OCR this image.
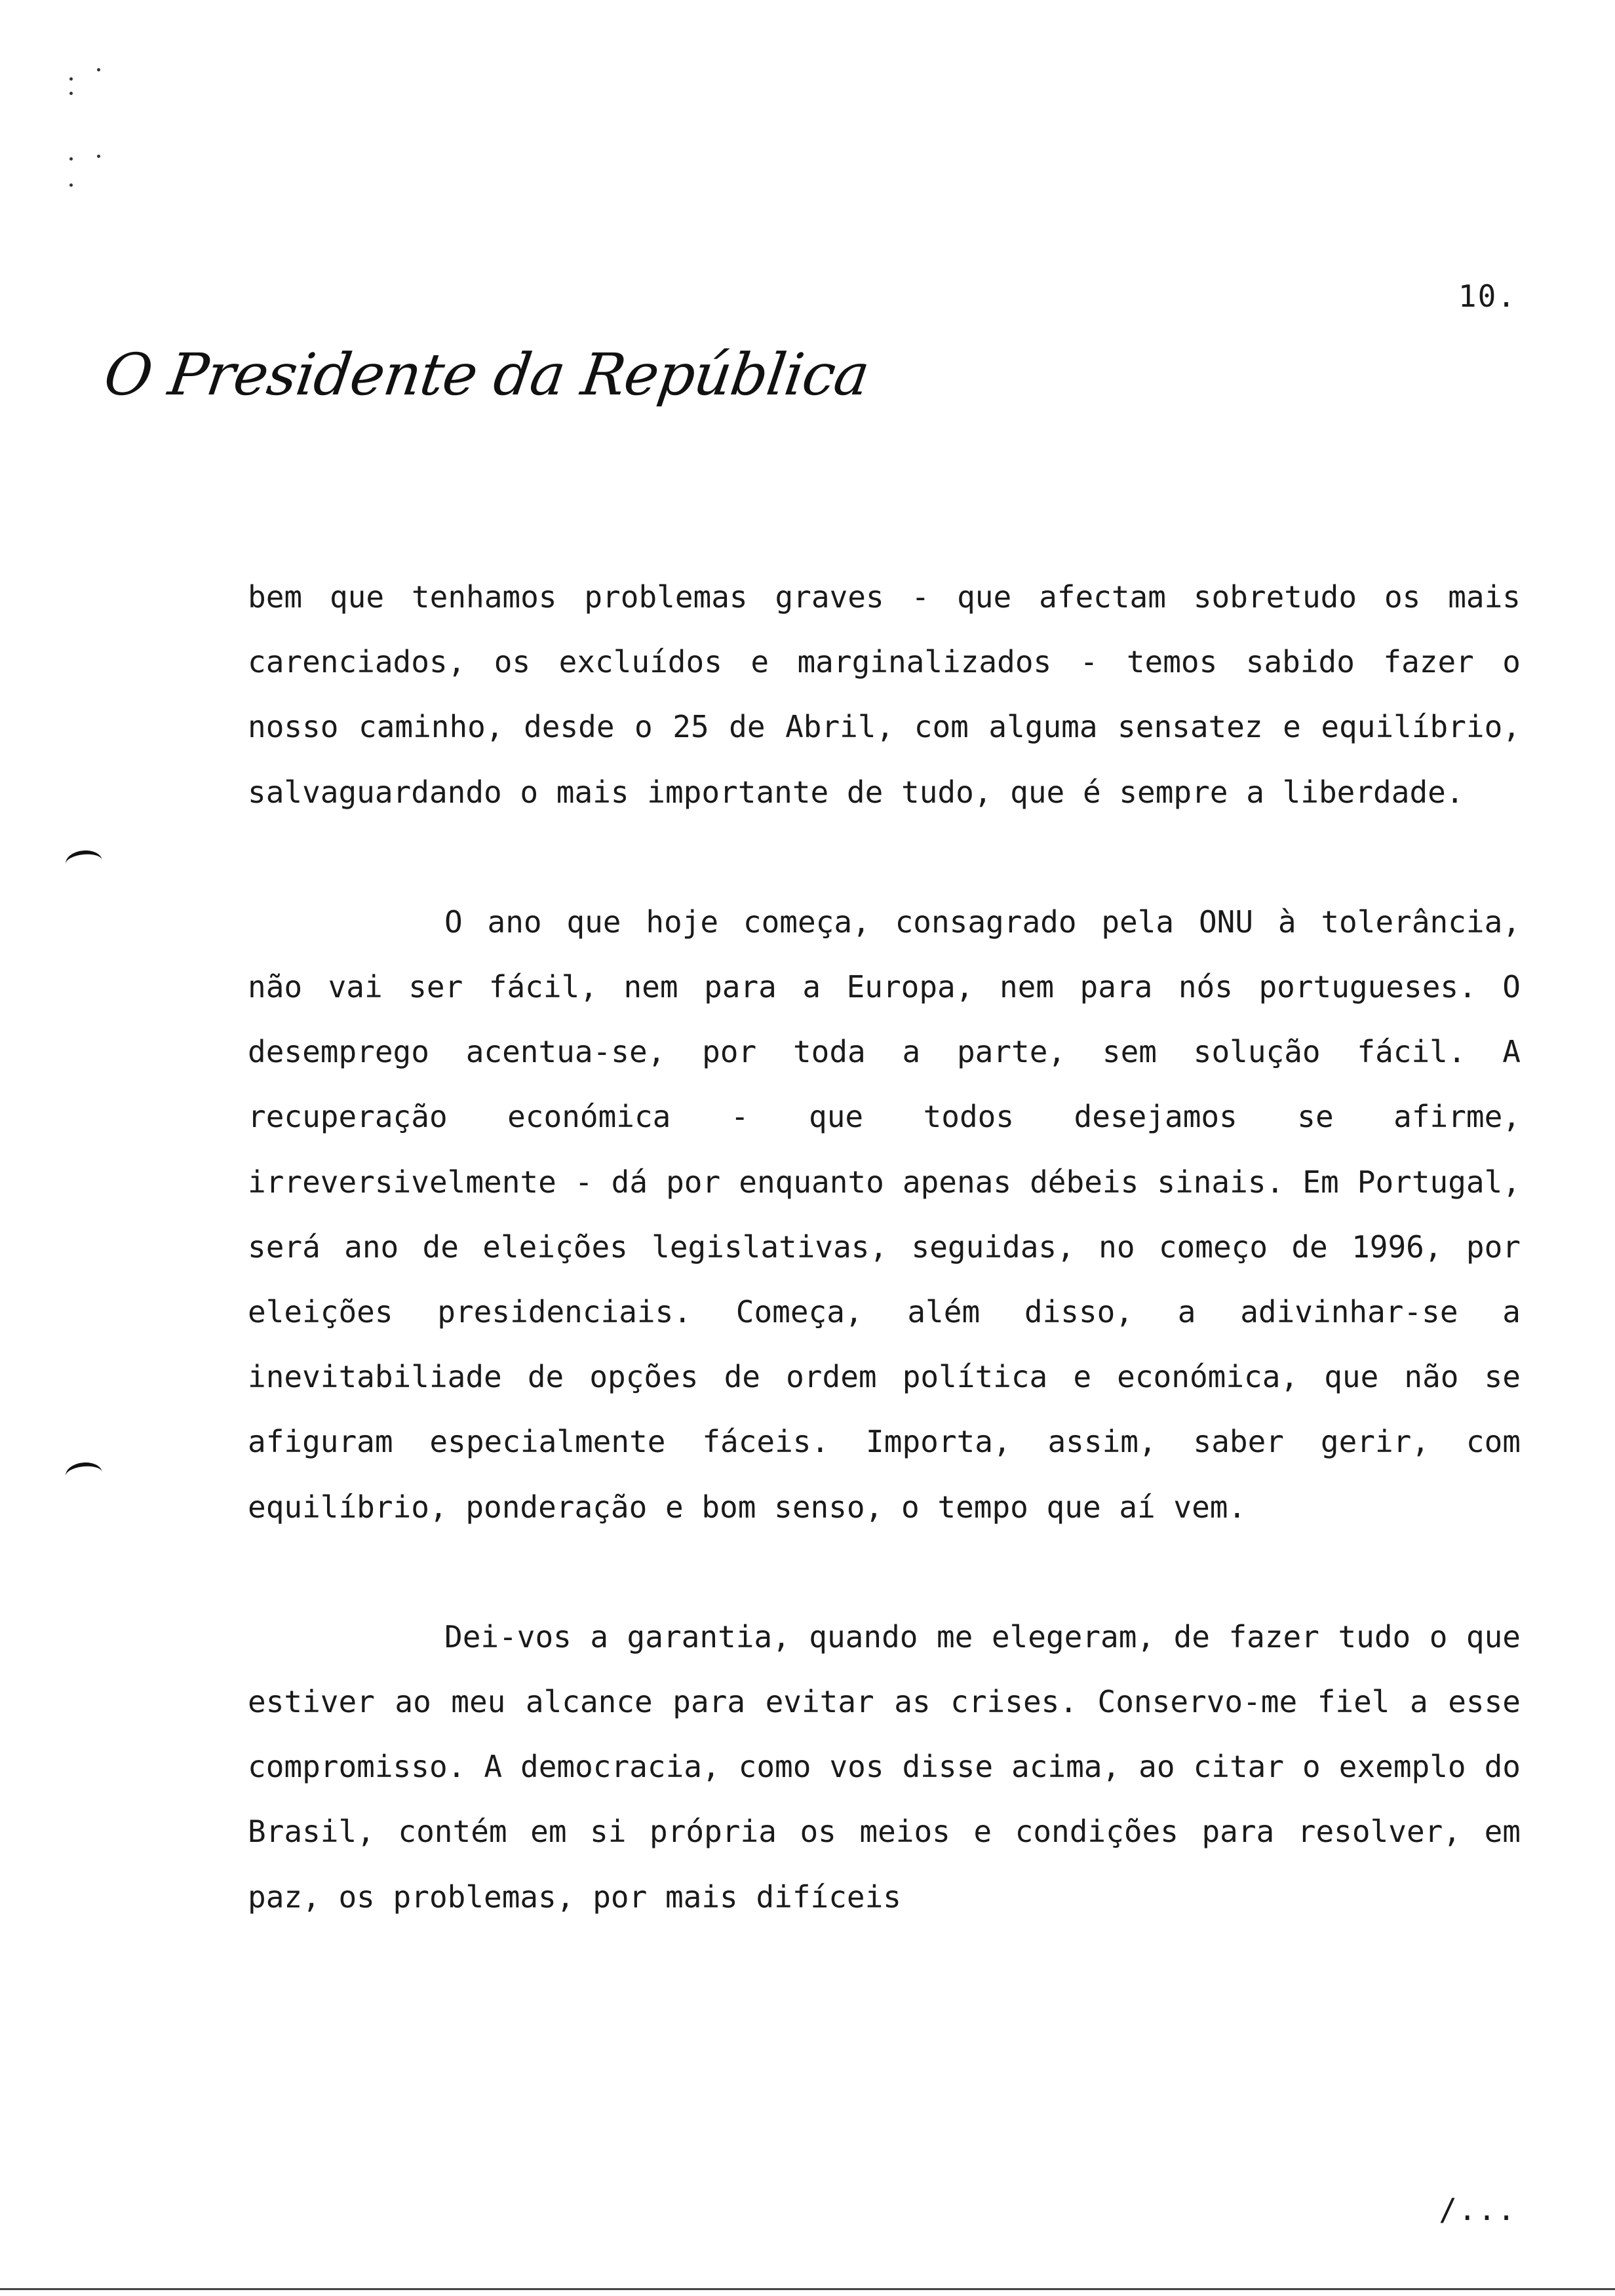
10.
O Presidente da República

bem que tenhamos problemas graves - que afectam sobretudo os mais carenciados, os excluídos e marginalizados - temos sabido fazer o nosso caminho, desde o 25 de Abril, com alguma sensatez e equilíbrio, salvaguardando o mais importante de tudo, que é sempre a liberdade.

O ano que hoje começa, consagrado pela ONU à tolerância, não vai ser fácil, nem para a Europa, nem para nós portugueses. O desemprego acentua-se, por toda a parte, sem solução fácil. A recuperação económica - que todos desejamos se afirme, irreversivelmente - dá por enquanto apenas débeis sinais. Em Portugal, será ano de eleições legislativas, seguidas, no começo de 1996, por eleições presidenciais. Começa, além disso, a adivinhar-se a inevitabiliade de opções de ordem política e económica, que não se afiguram especialmente fáceis. Importa, assim, saber gerir, com equilíbrio, ponderação e bom senso, o tempo que aí vem.

Dei-vos a garantia, quando me elegeram, de fazer tudo o que estiver ao meu alcance para evitar as crises. Conservo-me fiel a esse compromisso. A democracia, como vos disse acima, ao citar o exemplo do Brasil, contém em si própria os meios e condições para resolver, em paz, os problemas, por mais difíceis

/...
